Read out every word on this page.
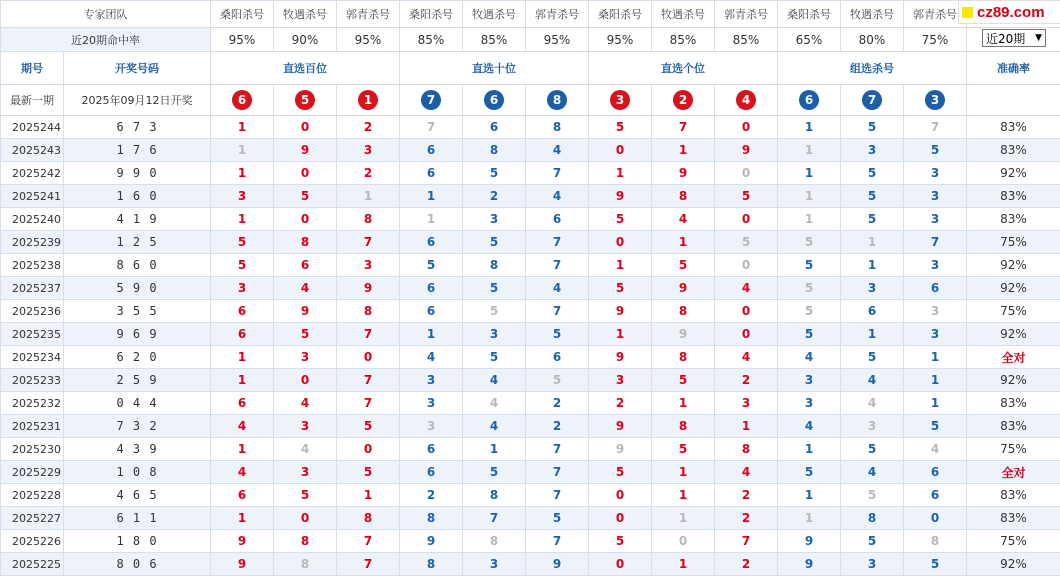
专家团队		桑阳杀号	牧遇杀号	郭青杀号	桑阳杀号	牧遇杀号	郭青杀号	桑阳杀号	牧遇杀号	郭青杀号	桑阳杀号	牧遇杀号	郭青杀号	
近20期命中率		95%	90%	95%	85%	85%	95%	95%	85%	85%	65%	80%	75%	
期号	开奖号码	直选百位			直选十位			直选个位			组选杀号			准确率
最新一期	2025年09月12日开奖	6	5	1	7	6	8	3	2	4	6	7	3	
2025244	6 7 3	1	0	2	7	6	8	5	7	0	1	5	7	83%
2025243	1 7 6	1	9	3	6	8	4	0	1	9	1	3	5	83%
2025242	9 9 0	1	0	2	6	5	7	1	9	0	1	5	3	92%
2025241	1 6 0	3	5	1	1	2	4	9	8	5	1	5	3	83%
2025240	4 1 9	1	0	8	1	3	6	5	4	0	1	5	3	83%
2025239	1 2 5	5	8	7	6	5	7	0	1	5	5	1	7	75%
2025238	8 6 0	5	6	3	5	8	7	1	5	0	5	1	3	92%
2025237	5 9 0	3	4	9	6	5	4	5	9	4	5	3	6	92%
2025236	3 5 5	6	9	8	6	5	7	9	8	0	5	6	3	75%
2025235	9 6 9	6	5	7	1	3	5	1	9	0	5	1	3	92%
2025234	6 2 0	1	3	0	4	5	6	9	8	4	4	5	1	全对
2025233	2 5 9	1	0	7	3	4	5	3	5	2	3	4	1	92%
2025232	0 4 4	6	4	7	3	4	2	2	1	3	3	4	1	83%
2025231	7 3 2	4	3	5	3	4	2	9	8	1	4	3	5	83%
2025230	4 3 9	1	4	0	6	1	7	9	5	8	1	5	4	75%
2025229	1 0 8	4	3	5	6	5	7	5	1	4	5	4	6	全对
2025228	4 6 5	6	5	1	2	8	7	0	1	2	1	5	6	83%
2025227	6 1 1	1	0	8	8	7	5	0	1	2	1	8	0	83%
2025226	1 8 0	9	8	7	9	8	7	5	0	7	9	5	8	75%
2025225	8 0 6	9	8	7	8	3	9	0	1	2	9	3	5	92%
cz89.com
近20期 ▼
